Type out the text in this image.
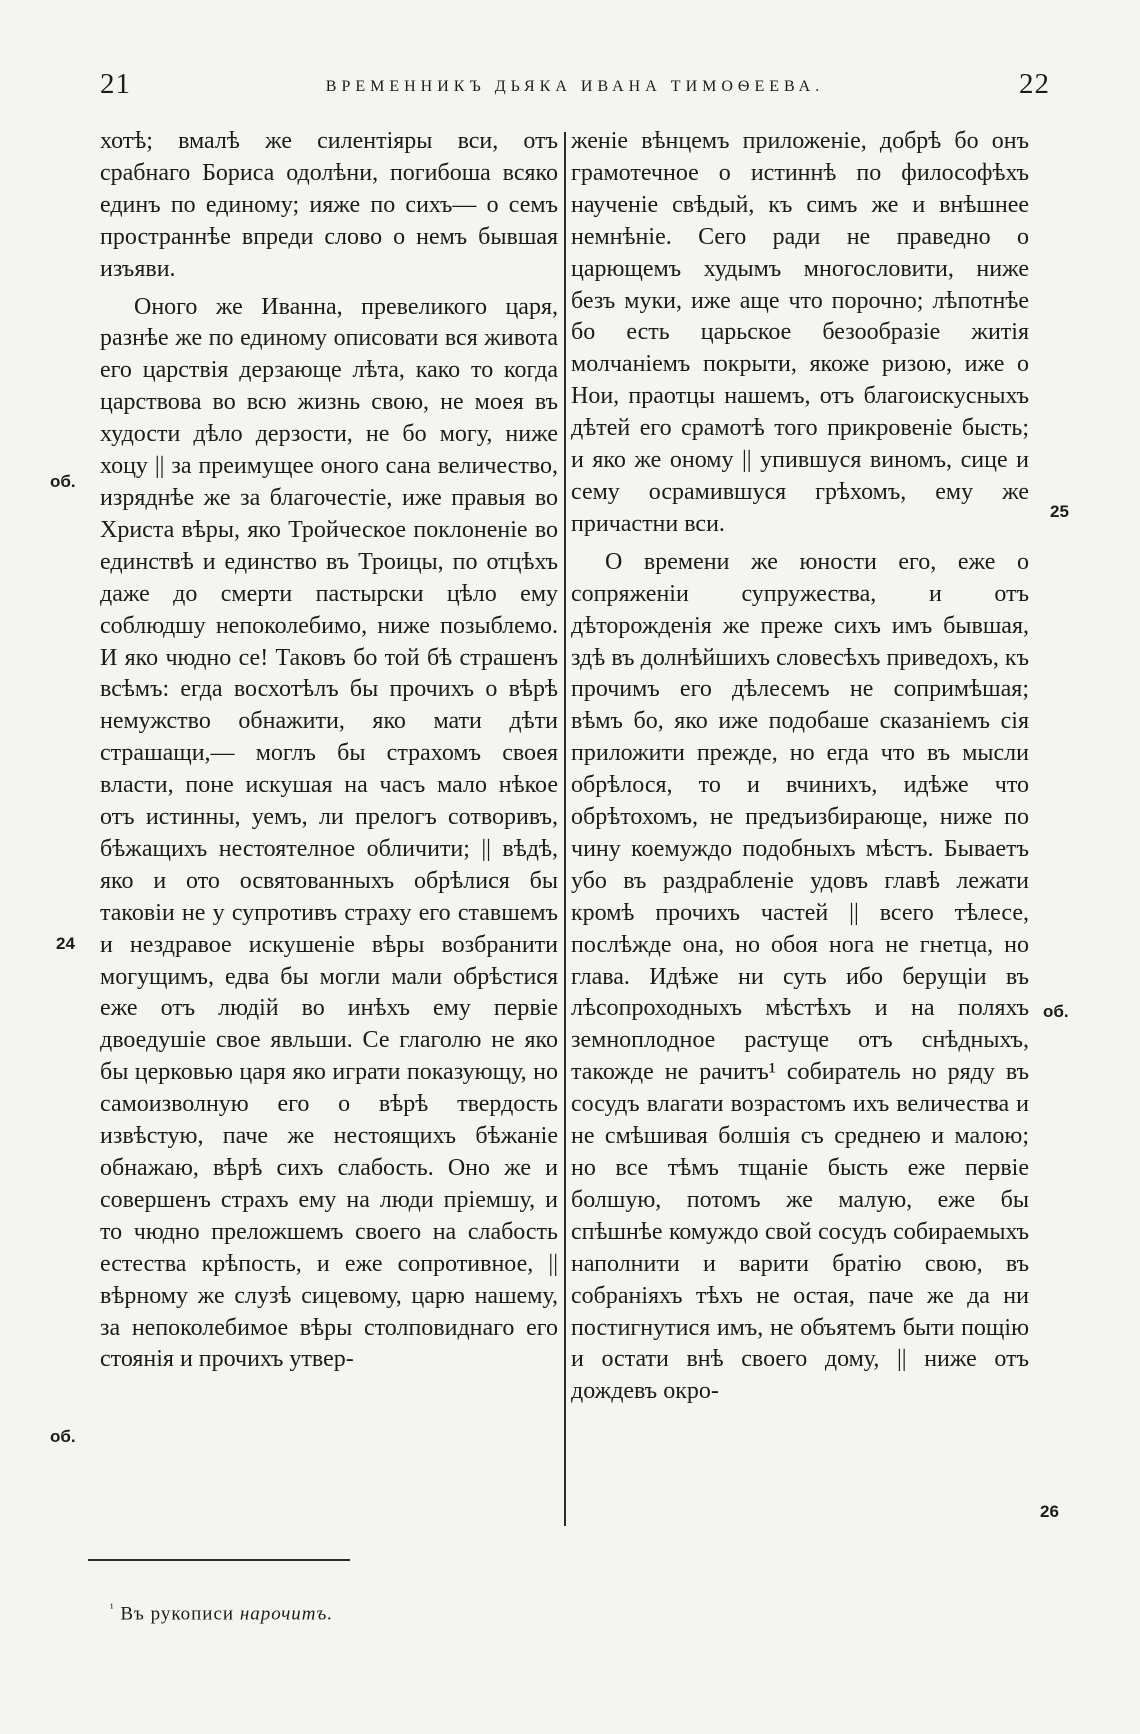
21	ВРЕМЕННИКЪ ДЬЯКА ИВАНА ТИМОѲЕЕВА.	22

хотѣ; вмалѣ же силентіяры вси, отъ срабнаго Бориса одолѣни, погибоша всяко единъ по единому; ияже по сихъ— о семъ пространнѣе впреди слово о немъ бывшая изъяви.

Оного же Иванна, превеликого царя, разнѣе же по единому описовати вся живота его царствія дерзающе лѣта, како то когда царствова во всю жизнь свою, не моея въ худости дѣло дерзости, не бо могу, ниже хоцу || за преимущее оного сана величество, изряднѣе же за благочестіе, иже правыя во Христа вѣры, яко Тройческое поклоненіе во единствѣ и единство въ Троицы, по отцѣхъ даже до смерти пастырски цѣло ему соблюдшу непоколебимо, ниже позыблемо. И яко чюдно се! Таковъ бо той бѣ страшенъ всѣмъ: егда восхотѣлъ бы прочихъ о вѣрѣ немужство обнажити, яко мати дѣти страшащи,— моглъ бы страхомъ своея власти, поне искушая на часъ мало нѣкое отъ истинны, уемъ, ли прелогъ сотворивъ, бѣжащихъ нестоятелное обличити; || вѣдѣ, яко и ото освятованныхъ обрѣлися бы таковіи не у супротивъ страху его ставшемъ и нездравое искушеніе вѣры возбранити могущимъ, едва бы могли мали обрѣстися еже отъ людій во инѣхъ ему первіе двоедушіе свое явльши. Се глаголю не яко бы церковью царя яко играти показующу, но самоизволную его о вѣрѣ твердость извѣстую, паче же нестоящихъ бѣжаніе обнажаю, вѣрѣ сихъ слабость. Оно же и совершенъ страхъ ему на люди пріемшу, и то чюдно преложшемъ своего на слабость естества крѣпость, и еже сопротивное, || вѣрному же слузѣ сицевому, царю нашему, за непоколебимое вѣры столповиднаго его стоянія и прочихъ утвер-

женіе вѣнцемъ приложеніе, добрѣ бо онъ грамотечное о истиннѣ по философѣхъ наученіе свѣдый, къ симъ же и внѣшнее немнѣніе. Сего ради не праведно о царющемъ худымъ многословити, ниже безъ муки, иже аще что порочно; лѣпотнѣе бо есть царьское безообразіе житія молчаніемъ покрыти, якоже ризою, иже о Нои, праотцы нашемъ, отъ благоискусныхъ дѣтей его срамотѣ того прикровеніе бысть; и яко же оному || упившуся виномъ, сице и сему осрамившуся грѣхомъ, ему же причастни вси.

О времени же юности его, еже о сопряженіи супружества, и отъ дѣторожденія же преже сихъ имъ бывшая, здѣ въ долнѣйшихъ словесѣхъ приведохъ, къ прочимъ его дѣлесемъ не сопримѣшая; вѣмъ бо, яко иже подобаше сказаніемъ сія приложити прежде, но егда что въ мысли обрѣлося, то и вчиниxъ, идѣже что обрѣтохомъ, не предъизбирающе, ниже по чину коемуждо подобныхъ мѣстъ. Бываетъ убо въ раздрабленіе удовъ главѣ лежати кромѣ прочихъ частей || всего тѣлесе, послѣжде она, но обоя нога не гнетца, но глава. Идѣже ни суть ибо берущіи въ лѣсопроходныхъ мѣстѣхъ и на поляхъ земноплодное растуще отъ снѣдныхъ, такожде не рачитъ¹ собиратель но ряду въ сосудъ влагати возрастомъ ихъ величества и не смѣшивая болшія съ среднею и малою; но все тѣмъ тщаніе бысть еже первіе болшую, потомъ же малую, еже бы спѣшнѣе комуждо свой сосудъ собираемыхъ наполнити и варити братію свою, въ собраніяхъ тѣхъ не остая, паче же да ни постигнутися имъ, не объятемъ быти пощію и остати внѣ своего дому, || ниже отъ дождевъ окро-

об.
24
об.
25
об.
26
$^{^1}$ Въ рукописи нарочитъ.
